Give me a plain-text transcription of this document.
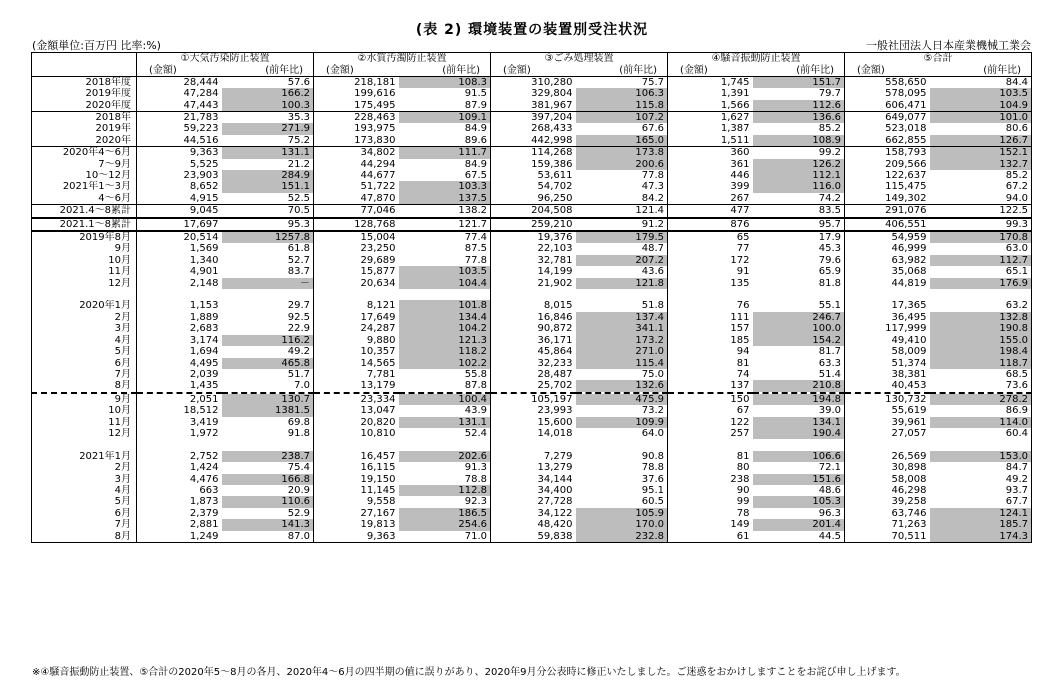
(表 2) 環境装置の装置別受注状況
(金額単位:百万円 比率:%)	一般社団法人日本産業機械工業会
	①大気汚染防止装置		②水質汚濁防止装置		③ごみ処理装置		④騒音振動防止装置		⑤合計	
	(金額)	(前年比)	(金額)	(前年比)	(金額)	(前年比)	(金額)	(前年比)	(金額)	(前年比)
2018年度	28,444	57.6	218,181	108.3	310,280	75.7	1,745	151.7	558,650	84.4
2019年度	47,284	166.2	199,616	91.5	329,804	106.3	1,391	79.7	578,095	103.5
2020年度	47,443	100.3	175,495	87.9	381,967	115.8	1,566	112.6	606,471	104.9
2018年	21,783	35.3	228,463	109.1	397,204	107.2	1,627	136.6	649,077	101.0
2019年	59,223	271.9	193,975	84.9	268,433	67.6	1,387	85.2	523,018	80.6
2020年	44,516	75.2	173,830	89.6	442,998	165.0	1,511	108.9	662,855	126.7
2020年4～6月	9,363	131.1	34,802	111.7	114,268	173.8	360	99.2	158,793	152.1
7～9月	5,525	21.2	44,294	84.9	159,386	200.6	361	126.2	209,566	132.7
10～12月	23,903	284.9	44,677	67.5	53,611	77.8	446	112.1	122,637	85.2
2021年1～3月	8,652	151.1	51,722	103.3	54,702	47.3	399	116.0	115,475	67.2
4～6月	4,915	52.5	47,870	137.5	96,250	84.2	267	74.2	149,302	94.0
2021.4～8累計	9,045	70.5	77,046	138.2	204,508	121.4	477	83.5	291,076	122.5
2021.1～8累計	17,697	95.3	128,768	121.7	259,210	91.2	876	95.7	406,551	99.3
2019年8月	20,514	1257.8	15,004	77.4	19,376	179.5	65	17.9	54,959	170.8
9月	1,569	61.8	23,250	87.5	22,103	48.7	77	45.3	46,999	63.0
10月	1,340	52.7	29,689	77.8	32,781	207.2	172	79.6	63,982	112.7
11月	4,901	83.7	15,877	103.5	14,199	43.6	91	65.9	35,068	65.1
12月	2,148	－	20,634	104.4	21,902	121.8	135	81.8	44,819	176.9

2020年1月	1,153	29.7	8,121	101.8	8,015	51.8	76	55.1	17,365	63.2
2月	1,889	92.5	17,649	134.4	16,846	137.4	111	246.7	36,495	132.8
3月	2,683	22.9	24,287	104.2	90,872	341.1	157	100.0	117,999	190.8
4月	3,174	116.2	9,880	121.3	36,171	173.2	185	154.2	49,410	155.0
5月	1,694	49.2	10,357	118.2	45,864	271.0	94	81.7	58,009	198.4
6月	4,495	465.8	14,565	102.2	32,233	115.4	81	63.3	51,374	118.7
7月	2,039	51.7	7,781	55.8	28,487	75.0	74	51.4	38,381	68.5
8月	1,435	7.0	13,179	87.8	25,702	132.6	137	210.8	40,453	73.6
9月	2,051	130.7	23,334	100.4	105,197	475.9	150	194.8	130,732	278.2
10月	18,512	1381.5	13,047	43.9	23,993	73.2	67	39.0	55,619	86.9
11月	3,419	69.8	20,820	131.1	15,600	109.9	122	134.1	39,961	114.0
12月	1,972	91.8	10,810	52.4	14,018	64.0	257	190.4	27,057	60.4

2021年1月	2,752	238.7	16,457	202.6	7,279	90.8	81	106.6	26,569	153.0
2月	1,424	75.4	16,115	91.3	13,279	78.8	80	72.1	30,898	84.7
3月	4,476	166.8	19,150	78.8	34,144	37.6	238	151.6	58,008	49.2
4月	663	20.9	11,145	112.8	34,400	95.1	90	48.6	46,298	93.7
5月	1,873	110.6	9,558	92.3	27,728	60.5	99	105.3	39,258	67.7
6月	2,379	52.9	27,167	186.5	34,122	105.9	78	96.3	63,746	124.1
7月	2,881	141.3	19,813	254.6	48,420	170.0	149	201.4	71,263	185.7
8月	1,249	87.0	9,363	71.0	59,838	232.8	61	44.5	70,511	174.3
※④騒音振動防止装置、⑤合計の2020年5～8月の各月、2020年4～6月の四半期の値に誤りがあり、2020年9月分公表時に修正いたしました。ご迷惑をおかけしますことをお詫び申し上げます。
